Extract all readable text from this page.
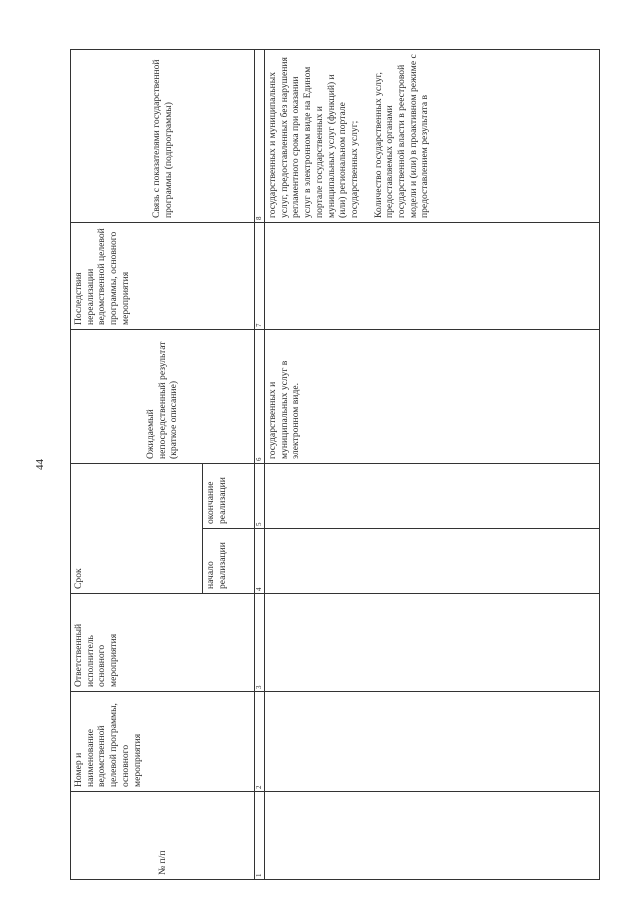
44
№ п/п	Номер и наименование ведомственной целевой программы, основного мероприятия	Ответственный исполнитель основного мероприятия	Срок		Ожидаемый непосредственный результат (краткое описание)	Последствия нереализации ведомственной целевой программы, основного мероприятия	Связь с показателями государственной программы (подпрограммы)
			начало реализации	окончание реализации			
1	2	3	4	5	6	7	8
					государственных и муниципальных услуг в электронном виде.		государственных и муниципальных услуг, предоставленных без нарушения регламентного срока при оказании услуг в электронном виде на Едином портале государственных и муниципальных услуг (функций) и (или) региональном портале государственных услуг; Количество государственных услуг, предоставляемых органами государственной власти в реестровой модели и (или) в проактивном режиме с предоставлением результата в
